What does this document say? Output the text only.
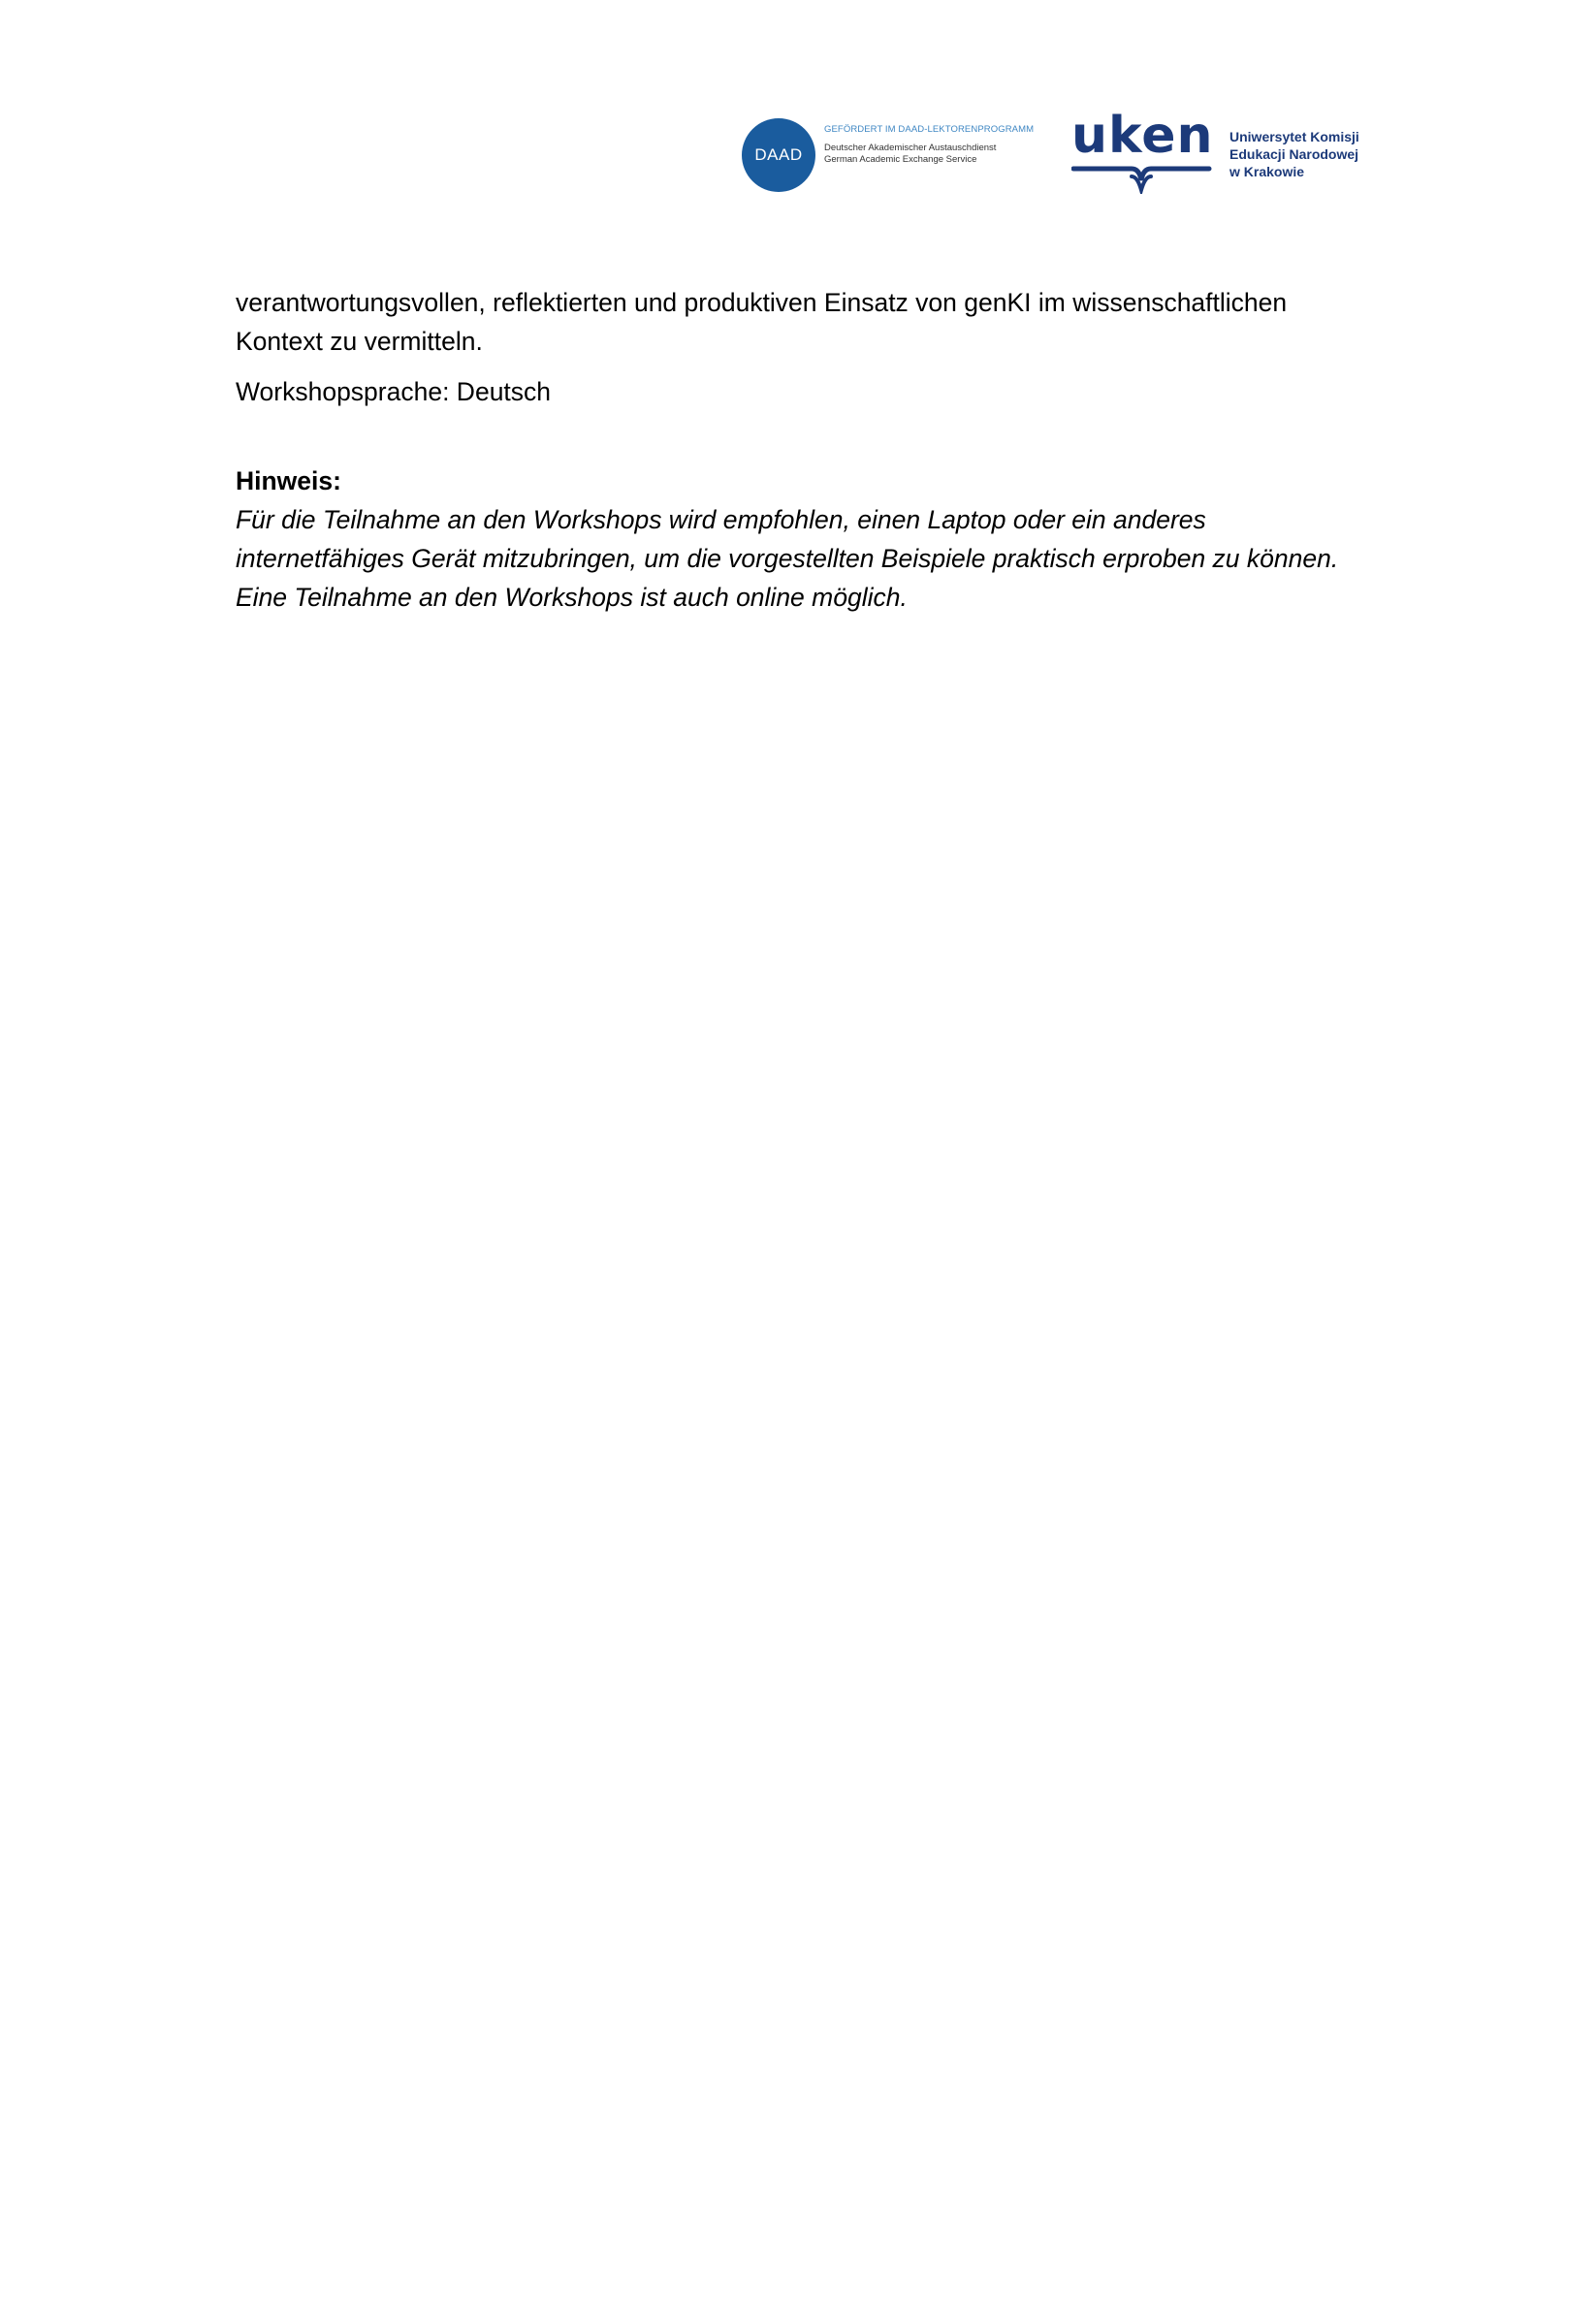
DAAD
GEFÖRDERT IM DAAD-LEKTORENPROGRAMM
Deutscher Akademischer Austauschdienst
German Academic Exchange Service	uken Uniwersytet Komisji
Edukacji Narodowej
w Krakowie

verantwortungsvollen, reflektierten und produktiven Einsatz von genKI im wissenschaftlichen
Kontext zu vermitteln.

Workshopsprache: Deutsch

Hinweis:

Für die Teilnahme an den Workshops wird empfohlen, einen Laptop oder ein anderes
internetfähiges Gerät mitzubringen, um die vorgestellten Beispiele praktisch erproben zu können.
Eine Teilnahme an den Workshops ist auch online möglich.
